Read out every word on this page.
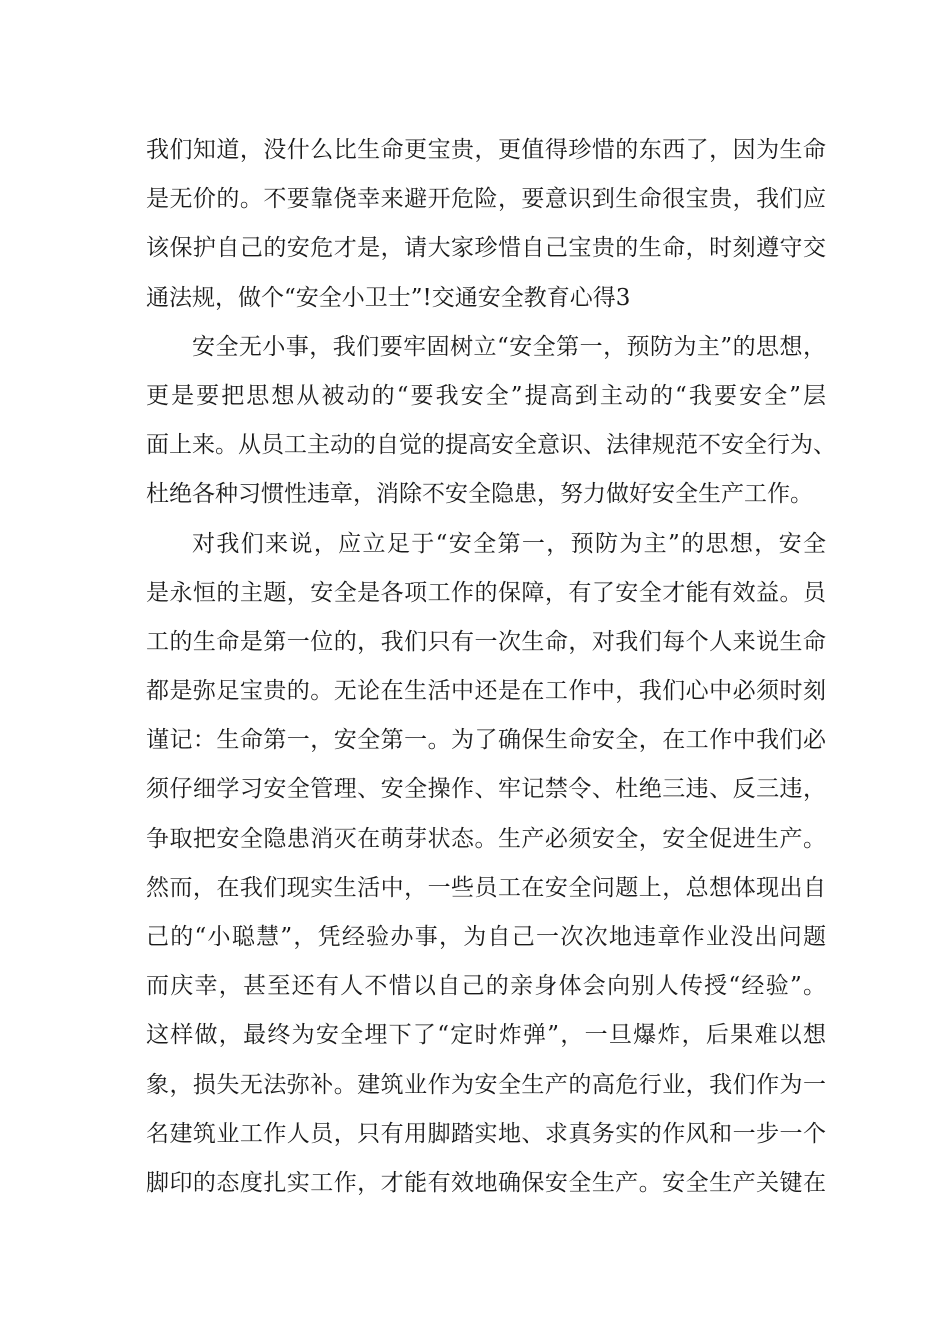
我们知道，没什么比生命更宝贵，更值得珍惜的东西了，因为生命
是无价的。不要靠侥幸来避开危险，要意识到生命很宝贵，我们应
该保护自己的安危才是，请大家珍惜自己宝贵的生命，时刻遵守交
通法规，做个“安全小卫士”!交通安全教育心得3
安全无小事，我们要牢固树立“安全第一，预防为主”的思想，
更是要把思想从被动的“要我安全”提高到主动的“我要安全”层
面上来。从员工主动的自觉的提高安全意识、法律规范不安全行为、
杜绝各种习惯性违章，消除不安全隐患，努力做好安全生产工作。
对我们来说，应立足于“安全第一，预防为主”的思想，安全
是永恒的主题，安全是各项工作的保障，有了安全才能有效益。员
工的生命是第一位的，我们只有一次生命，对我们每个人来说生命
都是弥足宝贵的。无论在生活中还是在工作中，我们心中必须时刻
谨记：生命第一，安全第一。为了确保生命安全，在工作中我们必
须仔细学习安全管理、安全操作、牢记禁令、杜绝三违、反三违，
争取把安全隐患消灭在萌芽状态。生产必须安全，安全促进生产。
然而，在我们现实生活中，一些员工在安全问题上，总想体现出自
己的“小聪慧”，凭经验办事，为自己一次次地违章作业没出问题
而庆幸，甚至还有人不惜以自己的亲身体会向别人传授“经验”。
这样做，最终为安全埋下了“定时炸弹”，一旦爆炸，后果难以想
象，损失无法弥补。建筑业作为安全生产的高危行业，我们作为一
名建筑业工作人员，只有用脚踏实地、求真务实的作风和一步一个
脚印的态度扎实工作，才能有效地确保安全生产。安全生产关键在
